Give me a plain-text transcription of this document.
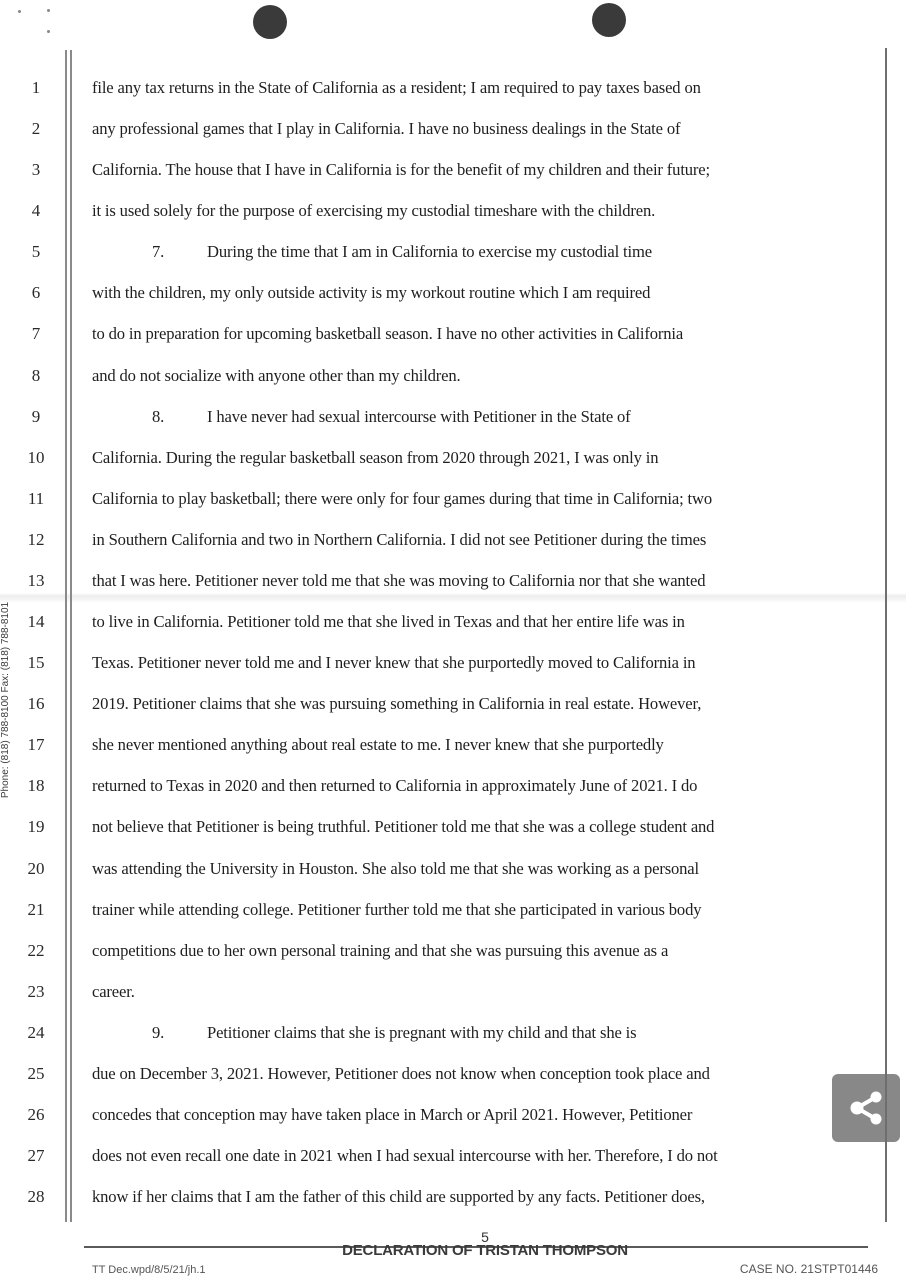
Phone: (818) 788-8100 Fax: (818) 788-8101
1
2
3
4
5
6
7
8
9
10
11
12
13
14
15
16
17
18
19
20
21
22
23
24
25
26
27
28
file any tax returns in the State of California as a resident; I am required to pay taxes based on
any professional games that I play in California. I have no business dealings in the State of
California. The house that I have in California is for the benefit of my children and their future;
it is used solely for the purpose of exercising my custodial timeshare with the children.
7.	During the time that I am in California to exercise my custodial time
with the children, my only outside activity is my workout routine which I am required
to do in preparation for upcoming basketball season. I have no other activities in California
and do not socialize with anyone other than my children.
8.	I have never had sexual intercourse with Petitioner in the State of
California. During the regular basketball season from 2020 through 2021, I was only in
California to play basketball; there were only for four games during that time in California; two
in Southern California and two in Northern California. I did not see Petitioner during the times
that I was here. Petitioner never told me that she was moving to California nor that she wanted
to live in California. Petitioner told me that she lived in Texas and that her entire life was in
Texas. Petitioner never told me and I never knew that she purportedly moved to California in
2019. Petitioner claims that she was pursuing something in California in real estate. However,
she never mentioned anything about real estate to me. I never knew that she purportedly
returned to Texas in 2020 and then returned to California in approximately June of 2021. I do
not believe that Petitioner is being truthful. Petitioner told me that she was a college student and
was attending the University in Houston. She also told me that she was working as a personal
trainer while attending college. Petitioner further told me that she participated in various body
competitions due to her own personal training and that she was pursuing this avenue as a
career.
9.	Petitioner claims that she is pregnant with my child and that she is
due on December 3, 2021. However, Petitioner does not know when conception took place and
concedes that conception may have taken place in March or April 2021. However, Petitioner
does not even recall one date in 2021 when I had sexual intercourse with her. Therefore, I do not
know if her claims that I am the father of this child are supported by any facts. Petitioner does,
5
DECLARATION OF TRISTAN THOMPSON
TT Dec.wpd/8/5/21/jh.1	CASE NO. 21STPT01446
